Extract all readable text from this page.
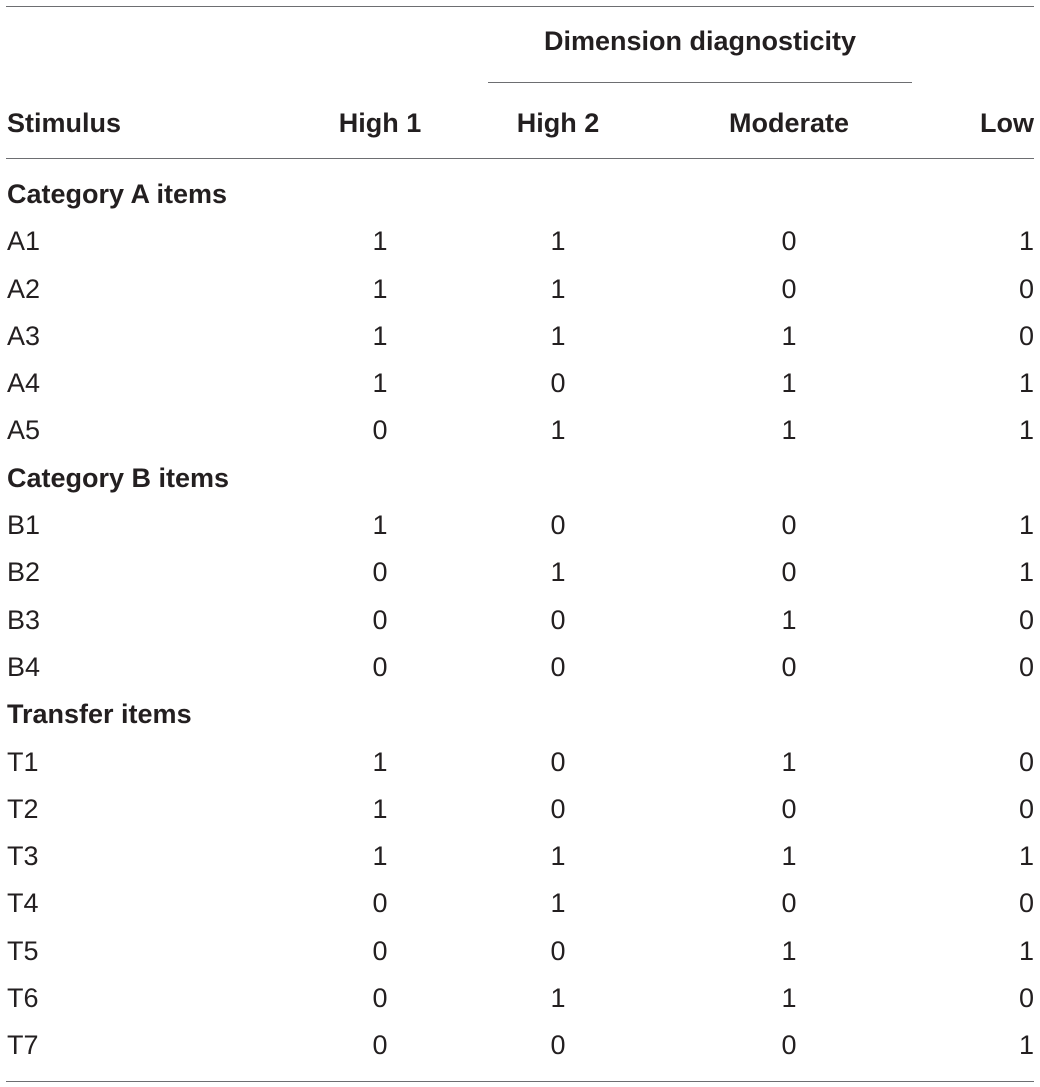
Dimension diagnosticity
Stimulus	High 1	High 2	Moderate	Low
Category A items
A1	1	1	0	1
A2	1	1	0	0
A3	1	1	1	0
A4	1	0	1	1
A5	0	1	1	1
Category B items
B1	1	0	0	1
B2	0	1	0	1
B3	0	0	1	0
B4	0	0	0	0
Transfer items
T1	1	0	1	0
T2	1	0	0	0
T3	1	1	1	1
T4	0	1	0	0
T5	0	0	1	1
T6	0	1	1	0
T7	0	0	0	1
